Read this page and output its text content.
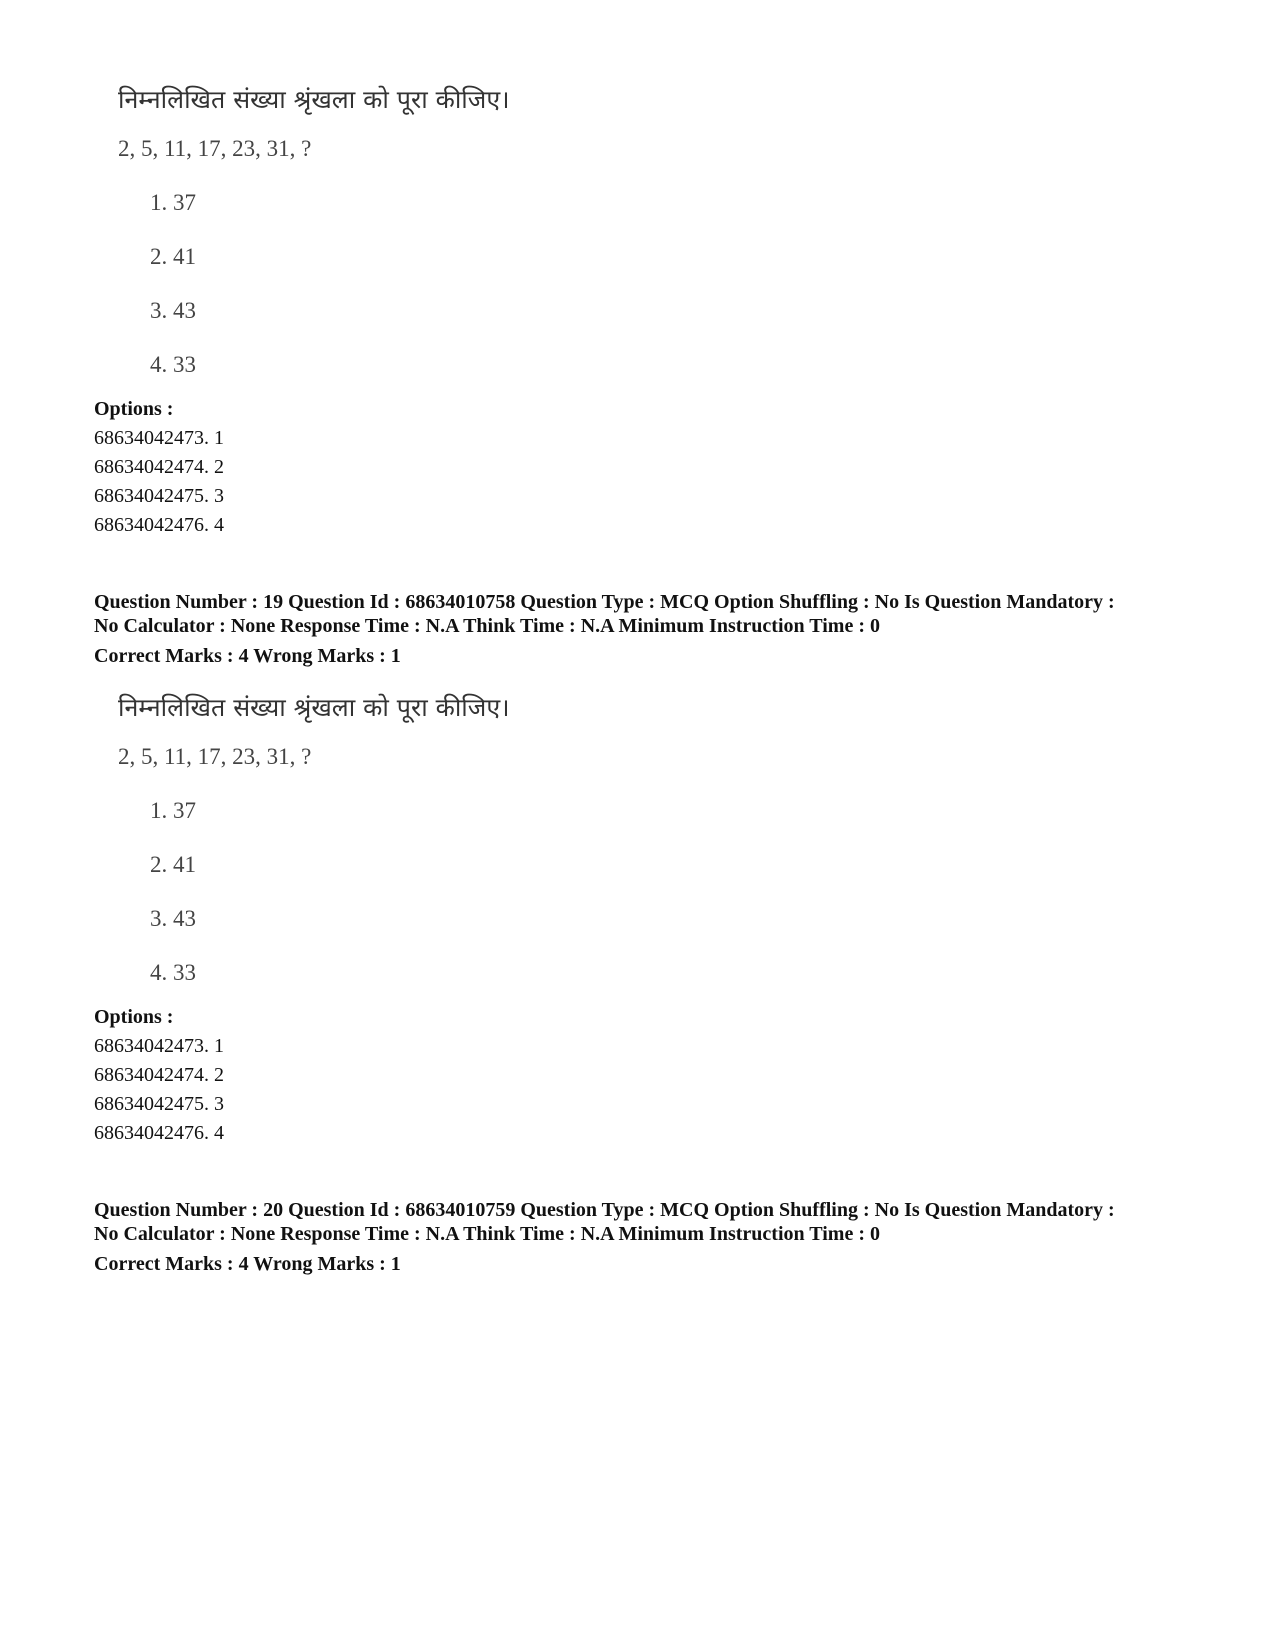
निम्नलिखित संख्या श्रृंखला को पूरा कीजिए।
2, 5, 11, 17, 23, 31, ?
1. 37
2. 41
3. 43
4. 33
Options :
68634042473. 1
68634042474. 2
68634042475. 3
68634042476. 4
Question Number : 19 Question Id : 68634010758 Question Type : MCQ Option Shuffling : No Is Question Mandatory :
No Calculator : None Response Time : N.A Think Time : N.A Minimum Instruction Time : 0
Correct Marks : 4 Wrong Marks : 1
निम्नलिखित संख्या श्रृंखला को पूरा कीजिए।
2, 5, 11, 17, 23, 31, ?
1. 37
2. 41
3. 43
4. 33
Options :
68634042473. 1
68634042474. 2
68634042475. 3
68634042476. 4
Question Number : 20 Question Id : 68634010759 Question Type : MCQ Option Shuffling : No Is Question Mandatory :
No Calculator : None Response Time : N.A Think Time : N.A Minimum Instruction Time : 0
Correct Marks : 4 Wrong Marks : 1
